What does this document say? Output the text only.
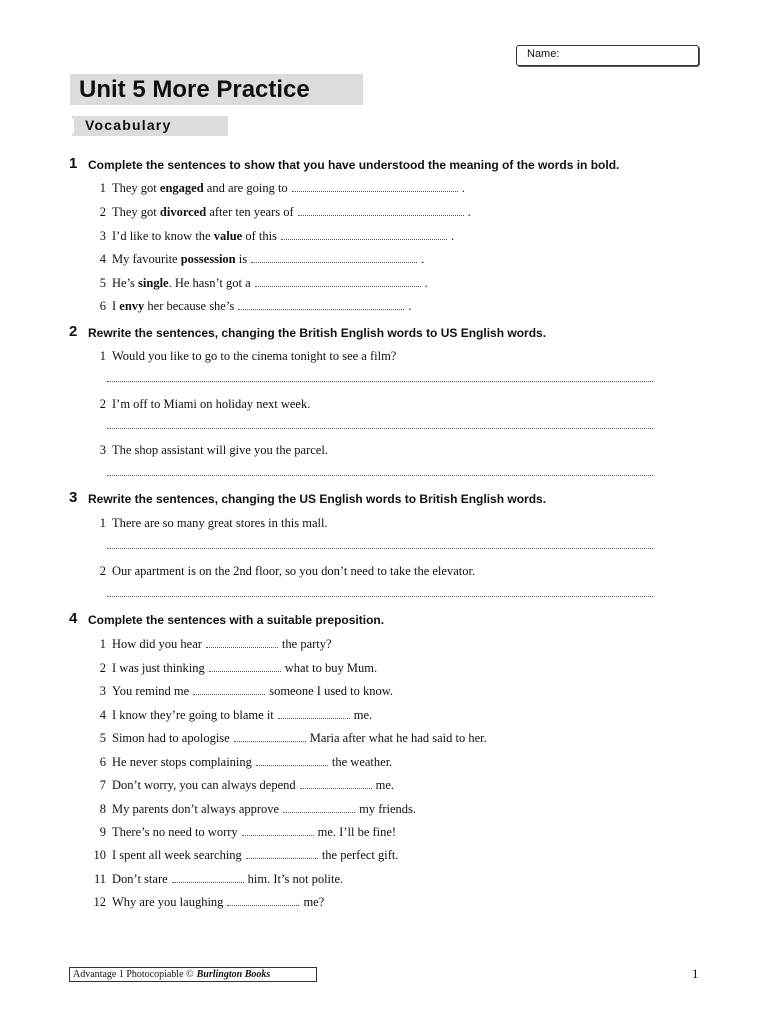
Name:
Unit 5 More Practice
Vocabulary
1 Complete the sentences to show that you have understood the meaning of the words in bold.
1 They got engaged and are going to	.
2 They got divorced after ten years of	.
3 I’d like to know the value of this	.
4 My favourite possession is	.
5 He’s single. He hasn’t got a	.
6 I envy her because she’s	.
2 Rewrite the sentences, changing the British English words to US English words.
1 Would you like to go to the cinema tonight to see a film?
2 I’m off to Miami on holiday next week.
3 The shop assistant will give you the parcel.
3 Rewrite the sentences, changing the US English words to British English words.
1 There are so many great stores in this mall.
2 Our apartment is on the 2nd floor, so you don’t need to take the elevator.
4 Complete the sentences with a suitable preposition.
1 How did you hear	the party?
2 I was just thinking	what to buy Mum.
3 You remind me	someone I used to know.
4 I know they’re going to blame it	me.
5 Simon had to apologise	Maria after what he had said to her.
6 He never stops complaining	the weather.
7 Don’t worry, you can always depend	me.
8 My parents don’t always approve	my friends.
9 There’s no need to worry	me. I’ll be fine!
10 I spent all week searching	the perfect gift.
11 Don’t stare	him. It’s not polite.
12 Why are you laughing	me?
Advantage 1 Photocopiable © Burlington Books	1
